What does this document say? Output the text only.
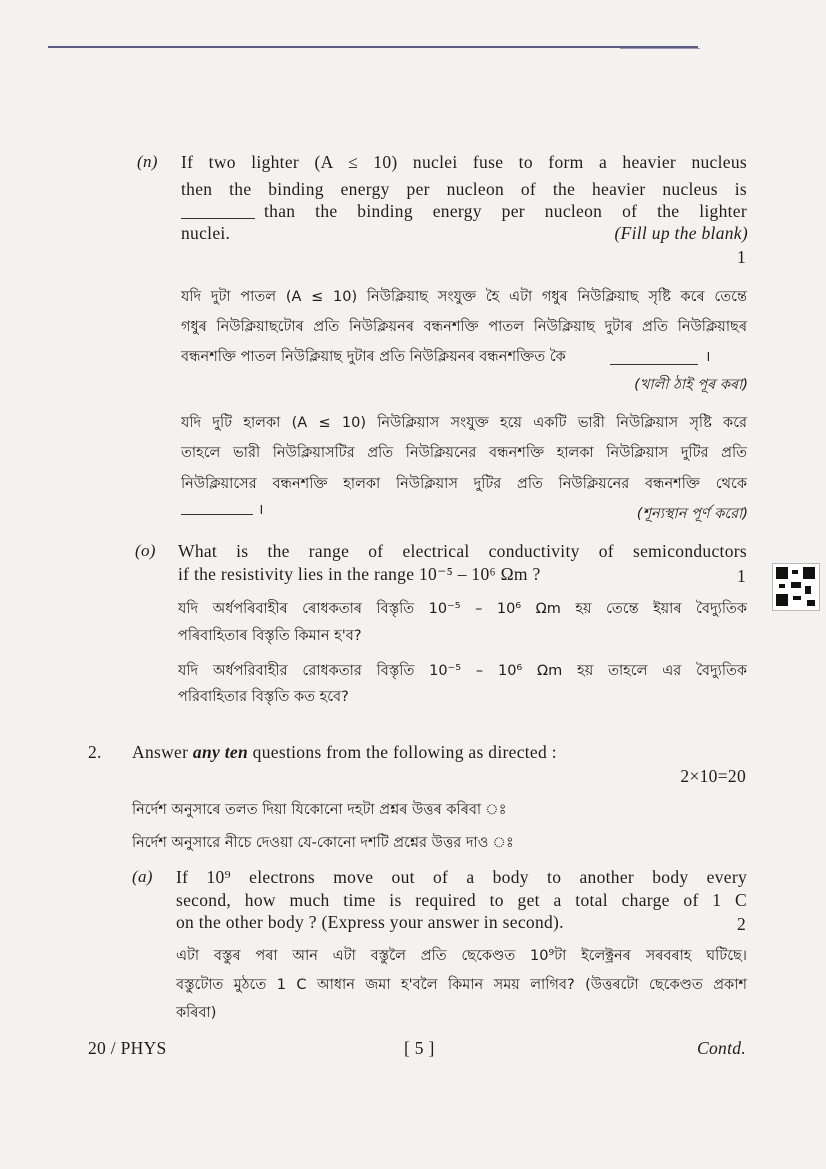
(n) If two lighter (A ≤ 10) nuclei fuse to form a heavier nucleus

then the binding energy per nucleon of the heavier nucleus is

than the binding energy per nucleon of the lighter

nuclei.	(Fill up the blank)

1

যদি দুটা পাতল (A ≤ 10) নিউক্লিয়াছ সংযুক্ত হৈ এটা গধুৰ নিউক্লিয়াছ সৃষ্টি কৰে তেন্তে

গধুৰ নিউক্লিয়াছটোৰ প্ৰতি নিউক্লিয়নৰ বন্ধনশক্তি পাতল নিউক্লিয়াছ দুটাৰ প্ৰতি নিউক্লিয়াছৰ

বন্ধনশক্তি পাতল নিউক্লিয়াছ দুটাৰ প্ৰতি নিউক্লিয়নৰ বন্ধনশক্তিত কৈ	।

(খালী ঠাই পূৰ কৰা)

যদি দুটি হালকা (A ≤ 10) নিউক্লিয়াস সংযুক্ত হয়ে একটি ভারী নিউক্লিয়াস সৃষ্টি করে

তাহলে ভারী নিউক্লিয়াসটির প্রতি নিউক্লিয়নের বন্ধনশক্তি হালকা নিউক্লিয়াস দুটির প্রতি

নিউক্লিয়াসের বন্ধনশক্তি হালকা নিউক্লিয়াস দুটির প্রতি নিউক্লিয়নের বন্ধনশক্তি থেকে

।	(শূন্যস্থান পূর্ণ করো)

(o) What is the range of electrical conductivity of semiconductors

if the resistivity lies in the range 10⁻⁵ – 10⁶ Ωm ?	1

যদি অৰ্ধপৰিবাহীৰ ৰোধকতাৰ বিস্তৃতি 10⁻⁵ – 10⁶ Ωm হয় তেন্তে ইয়াৰ বৈদ্যুতিক

পৰিবাহিতাৰ বিস্তৃতি কিমান হ'ব?

যদি অর্ধপরিবাহীর রোধকতার বিস্তৃতি 10⁻⁵ – 10⁶ Ωm হয় তাহলে এর বৈদ্যুতিক

পরিবাহিতার বিস্তৃতি কত হবে?

2. Answer any ten questions from the following as directed :

2×10=20

নিৰ্দেশ অনুসাৰে তলত দিয়া যিকোনো দহটা প্ৰশ্নৰ উত্তৰ কৰিবা ঃ

নির্দেশ অনুসারে নীচে দেওয়া যে-কোনো দশটি প্রশ্নের উত্তর দাও ঃ

(a) If 10⁹ electrons move out of a body to another body every

second, how much time is required to get a total charge of 1 C

on the other body ? (Express your answer in second).	2

এটা বস্তুৰ পৰা আন এটা বস্তুলৈ প্ৰতি ছেকেণ্ডত 10⁹টা ইলেক্ট্ৰনৰ সৰবৰাহ ঘটিছে।

বস্তুটোত মুঠতে 1 C আধান জমা হ'বলৈ কিমান সময় লাগিব? (উত্তৰটো ছেকেণ্ডত প্ৰকাশ

কৰিবা)

20 / PHYS	[ 5 ]	Contd.
